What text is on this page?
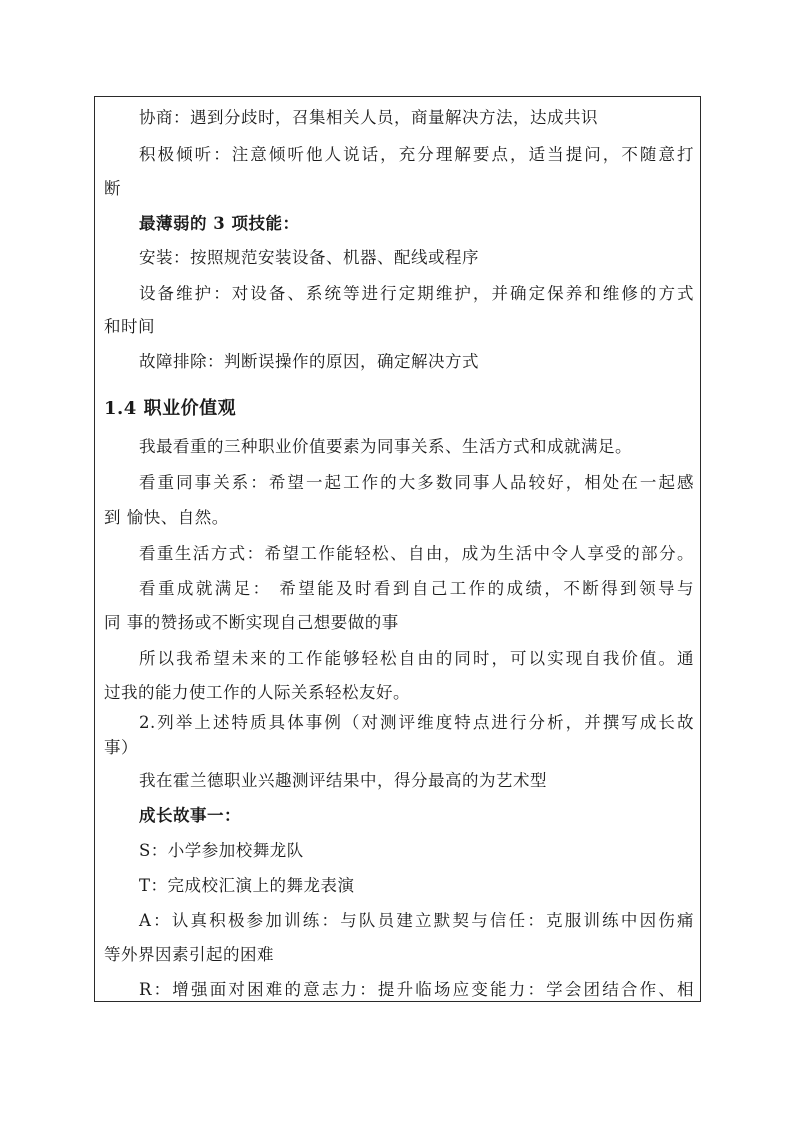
协商：遇到分歧时，召集相关人员，商量解决方法，达成共识
积极倾听：注意倾听他人说话，充分理解要点，适当提问，不随意打
断
最薄弱的 3 项技能：
安装：按照规范安装设备、机器、配线或程序
设备维护：对设备、系统等进行定期维护，并确定保养和维修的方式
和时间
故障排除：判断误操作的原因，确定解决方式
1.4 职业价值观
我最看重的三种职业价值要素为同事关系、生活方式和成就满足。
看重同事关系：希望一起工作的大多数同事人品较好，相处在一起感
到 愉快、自然。
看重生活方式：希望工作能轻松、自由，成为生活中令人享受的部分。
看重成就满足： 希望能及时看到自己工作的成绩，不断得到领导与
同 事的赞扬或不断实现自己想要做的事
所以我希望未来的工作能够轻松自由的同时，可以实现自我价值。通
过我的能力使工作的人际关系轻松友好。
2.列举上述特质具体事例（对测评维度特点进行分析，并撰写成长故
事）
我在霍兰德职业兴趣测评结果中，得分最高的为艺术型
成长故事一：
S：小学参加校舞龙队
T：完成校汇演上的舞龙表演
A：认真积极参加训练：与队员建立默契与信任：克服训练中因伤痛
等外界因素引起的困难
R：增强面对困难的意志力：提升临场应变能力：学会团结合作、相
